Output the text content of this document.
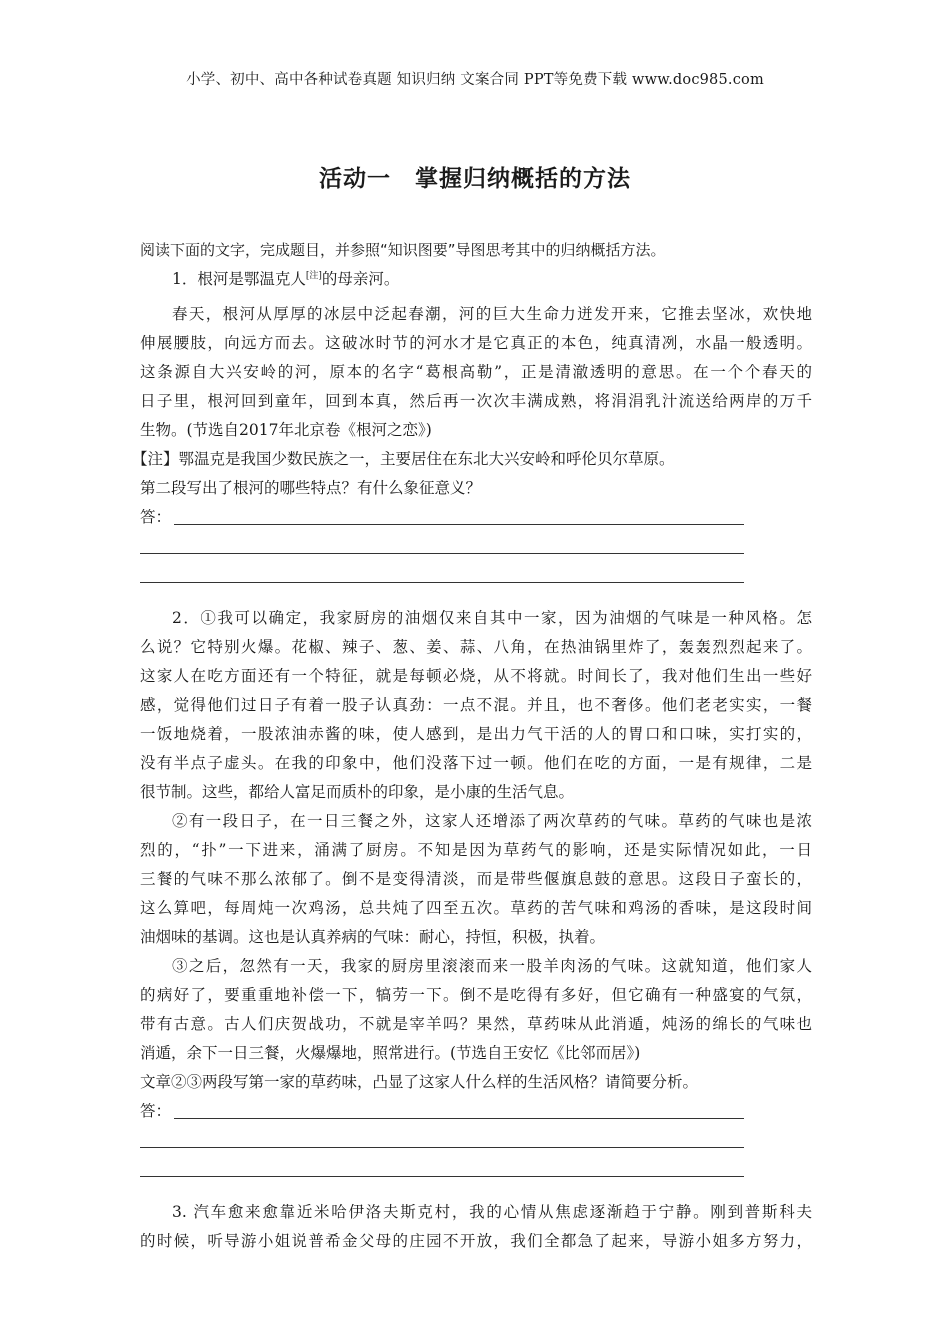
小学、初中、高中各种试卷真题 知识归纳 文案合同 PPT等免费下载 www.doc985.com
活动一　掌握归纳概括的方法
阅读下面的文字，完成题目，并参照“知识图要”导图思考其中的归纳概括方法。
1．根河是鄂温克人[注]的母亲河。
春天，根河从厚厚的冰层中泛起春潮，河的巨大生命力迸发开来，它推去坚冰，欢快地
伸展腰肢，向远方而去。这破冰时节的河水才是它真正的本色，纯真清冽，水晶一般透明。
这条源自大兴安岭的河，原本的名字“葛根高勒”，正是清澈透明的意思。在一个个春天的
日子里，根河回到童年，回到本真，然后再一次次丰满成熟，将涓涓乳汁流送给两岸的万千
生物。(节选自2017年北京卷《根河之恋》)
【注】鄂温克是我国少数民族之一，主要居住在东北大兴安岭和呼伦贝尔草原。
第二段写出了根河的哪些特点？有什么象征意义？
答：
2．①我可以确定，我家厨房的油烟仅来自其中一家，因为油烟的气味是一种风格。怎
么说？它特别火爆。花椒、辣子、葱、姜、蒜、八角，在热油锅里炸了，轰轰烈烈起来了。
这家人在吃方面还有一个特征，就是每顿必烧，从不将就。时间长了，我对他们生出一些好
感，觉得他们过日子有着一股子认真劲：一点不混。并且，也不奢侈。他们老老实实，一餐
一饭地烧着，一股浓油赤酱的味，使人感到，是出力气干活的人的胃口和口味，实打实的，
没有半点子虚头。在我的印象中，他们没落下过一顿。他们在吃的方面，一是有规律，二是
很节制。这些，都给人富足而质朴的印象，是小康的生活气息。
②有一段日子，在一日三餐之外，这家人还增添了两次草药的气味。草药的气味也是浓
烈的，“扑”一下进来，涌满了厨房。不知是因为草药气的影响，还是实际情况如此，一日
三餐的气味不那么浓郁了。倒不是变得清淡，而是带些偃旗息鼓的意思。这段日子蛮长的，
这么算吧，每周炖一次鸡汤，总共炖了四至五次。草药的苦气味和鸡汤的香味，是这段时间
油烟味的基调。这也是认真养病的气味：耐心，持恒，积极，执着。
③之后，忽然有一天，我家的厨房里滚滚而来一股羊肉汤的气味。这就知道，他们家人
的病好了，要重重地补偿一下，犒劳一下。倒不是吃得有多好，但它确有一种盛宴的气氛，
带有古意。古人们庆贺战功，不就是宰羊吗？果然，草药味从此消遁，炖汤的绵长的气味也
消遁，余下一日三餐，火爆爆地，照常进行。(节选自王安忆《比邻而居》)
文章②③两段写第一家的草药味，凸显了这家人什么样的生活风格？请简要分析。
答：
3. 汽车愈来愈靠近米哈伊洛夫斯克村，我的心情从焦虑逐渐趋于宁静。刚到普斯科夫
的时候，听导游小姐说普希金父母的庄园不开放，我们全都急了起来，导游小姐多方努力，
